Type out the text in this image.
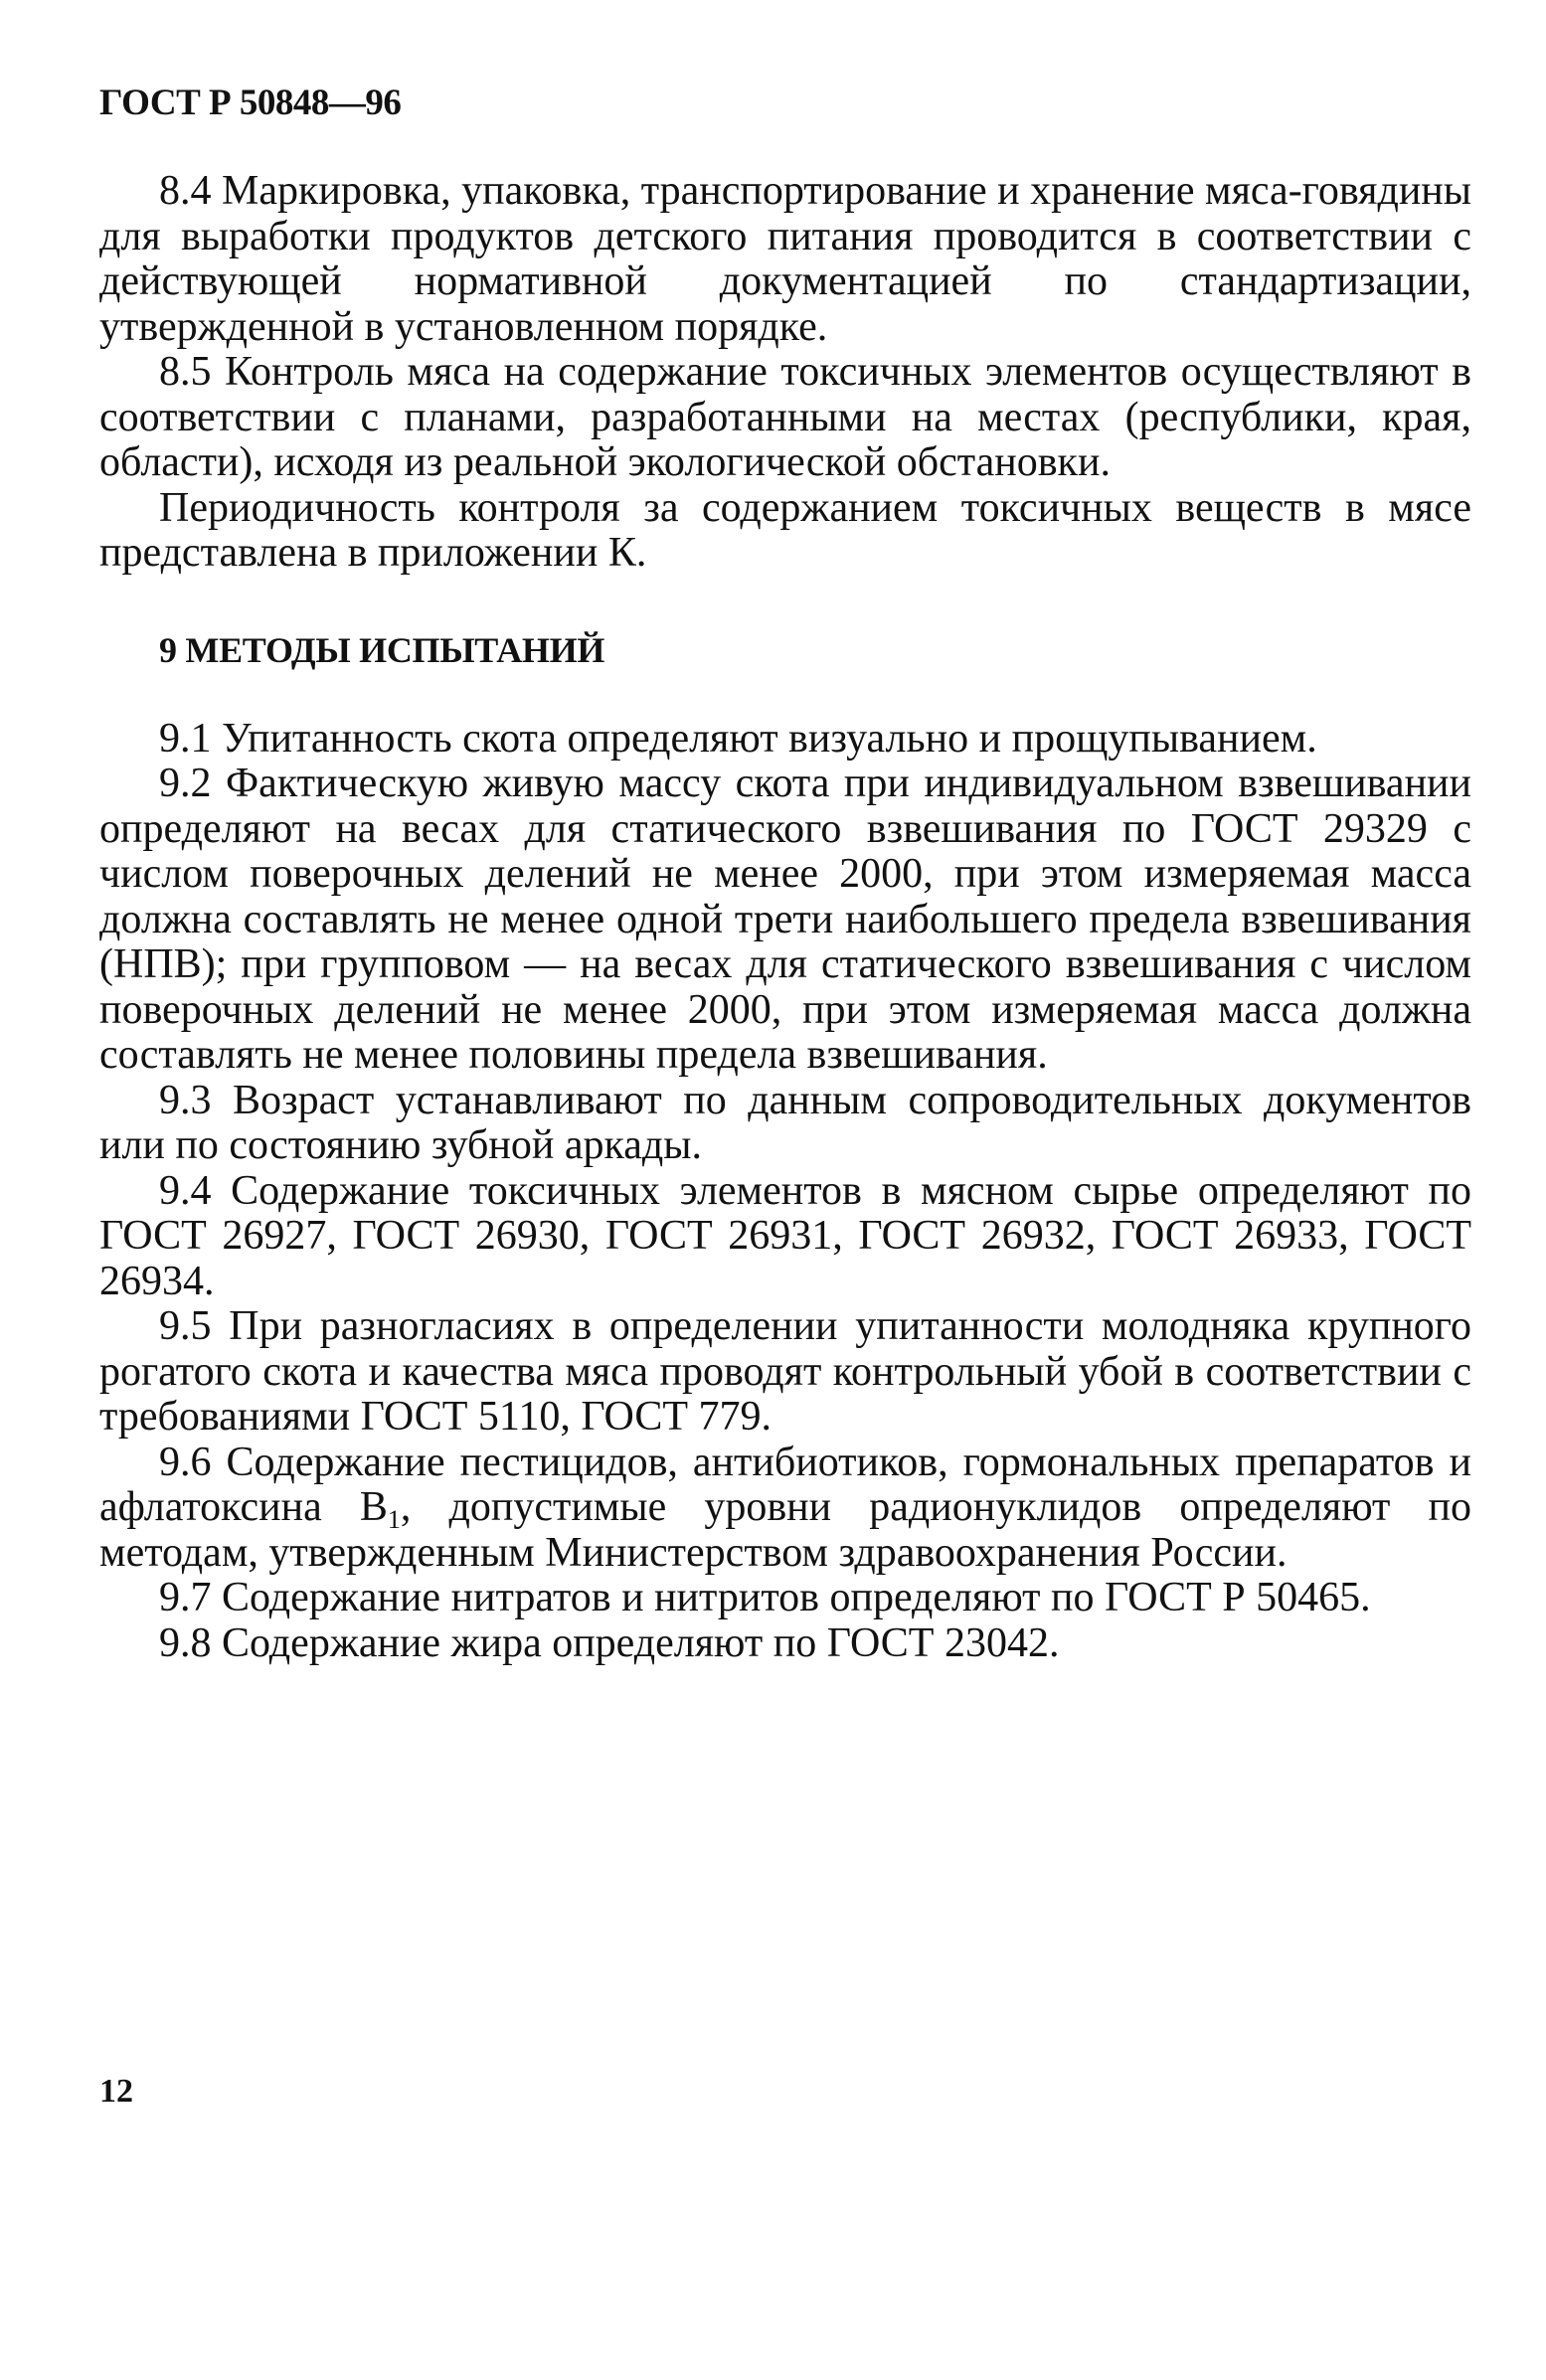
ГОСТ Р 50848—96

8.4 Маркировка, упаковка, транспортирование и хранение мяса-говядины для выработки продуктов детского питания проводится в соответствии с действующей нормативной документацией по стандартизации, утвержденной в установленном порядке.

8.5 Контроль мяса на содержание токсичных элементов осуществляют в соответствии с планами, разработанными на местах (республики, края, области), исходя из реальной экологической обстановки.

Периодичность контроля за содержанием токсичных веществ в мясе представлена в приложении К.

9 МЕТОДЫ ИСПЫТАНИЙ

9.1 Упитанность скота определяют визуально и прощупыванием.

9.2 Фактическую живую массу скота при индивидуальном взвешивании определяют на весах для статического взвешивания по ГОСТ 29329 с числом поверочных делений не менее 2000, при этом измеряемая масса должна составлять не менее одной трети наибольшего предела взвешивания (НПВ); при групповом — на весах для статического взвешивания с числом поверочных делений не менее 2000, при этом измеряемая масса должна составлять не менее половины предела взвешивания.

9.3 Возраст устанавливают по данным сопроводительных документов или по состоянию зубной аркады.

9.4 Содержание токсичных элементов в мясном сырье определяют по ГОСТ 26927, ГОСТ 26930, ГОСТ 26931, ГОСТ 26932, ГОСТ 26933, ГОСТ 26934.

9.5 При разногласиях в определении упитанности молодняка крупного рогатого скота и качества мяса проводят контрольный убой в соответствии с требованиями ГОСТ 5110, ГОСТ 779.

9.6 Содержание пестицидов, антибиотиков, гормональных препаратов и афлатоксина $B_1$, допустимые уровни радионуклидов определяют по методам, утвержденным Министерством здравоохранения России.

9.7 Содержание нитратов и нитритов определяют по ГОСТ Р 50465.

9.8 Содержание жира определяют по ГОСТ 23042.

12
